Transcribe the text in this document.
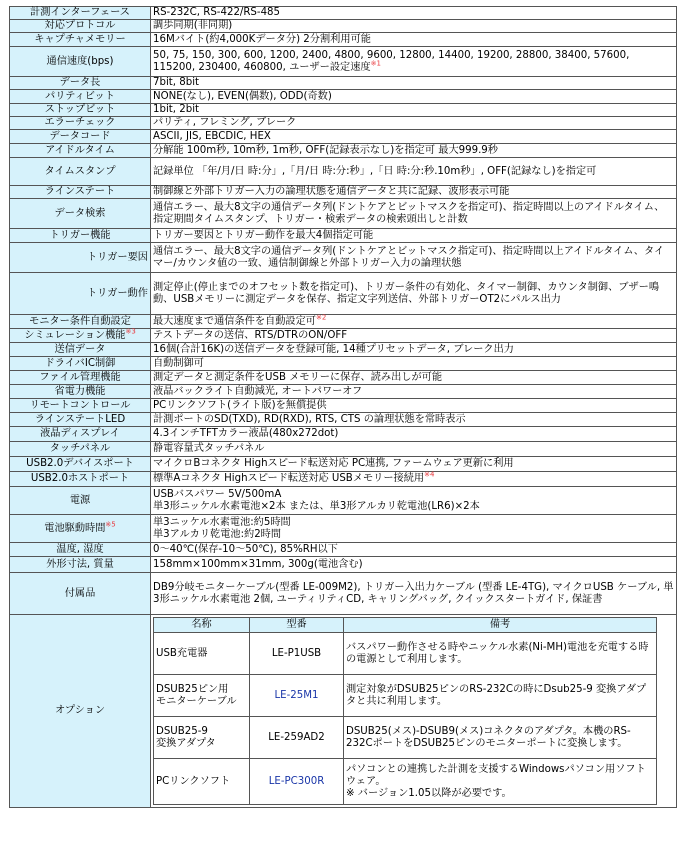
計測インターフェース	RS-232C, RS-422/RS-485
対応プロトコル	調歩同期(非同期)
キャプチャメモリー	16Mバイト(約4,000Kデータ分) 2分割利用可能
通信速度(bps)	50, 75, 150, 300, 600, 1200, 2400, 4800, 9600, 12800, 14400, 19200, 28800, 38400, 57600, 115200, 230400, 460800, ユーザー設定速度$^{※1}$
データ長	7bit, 8bit
パリティビット	NONE(なし), EVEN(偶数), ODD(奇数)
ストップビット	1bit, 2bit
エラーチェック	パリティ, フレミング, ブレーク
データコード	ASCII, JIS, EBCDIC, HEX
アイドルタイム	分解能 100m秒, 10m秒, 1m秒, OFF(記録表示なし)を指定可 最大999.9秒
タイムスタンプ	記録単位 「年/月/日 時:分」,「月/日 時:分:秒」,「日 時:分:秒.10m秒」, OFF(記録なし)を指定可
ラインステート	制御線と外部トリガー入力の論理状態を通信データと共に記録、波形表示可能
データ検索	通信エラー、最大8文字の通信データ列(ドントケアとビットマスクを指定可)、指定時間以上のアイドルタイム、指定期間タイムスタンプ、トリガー・検索データの検索頭出しと計数
トリガー機能	トリガー要因とトリガー動作を最大4個指定可能
トリガー要因	通信エラー、最大8文字の通信データ列(ドントケアとビットマスク指定可)、指定時間以上アイドルタイム、タイマー/カウンタ値の一致、通信制御線と外部トリガー入力の論理状態
トリガー動作	測定停止(停止までのオフセット数を指定可)、トリガー条件の有効化、タイマー制御、カウンタ制御、ブザー鳴動、USBメモリーに測定データを保存、指定文字列送信、外部トリガーOT2にパルス出力
モニター条件自動設定	最大速度まで通信条件を自動設定可$^{※2}$
シミュレーション機能$^{※3}$	テストデータの送信、RTS/DTRのON/OFF
送信データ	16個(合計16K)の送信データを登録可能, 14種プリセットデータ, ブレーク出力
ドライバIC制御	自動制御可
ファイル管理機能	測定データと測定条件をUSB メモリーに保存、読み出しが可能
省電力機能	液晶バックライト自動減光, オートパワーオフ
リモートコントロール	PCリンクソフト(ライト版)を無償提供
ラインステートLED	計測ポートのSD(TXD), RD(RXD), RTS, CTS の論理状態を常時表示
液晶ディスプレイ	4.3インチTFTカラー液晶(480x272dot)
タッチパネル	静電容量式タッチパネル
USB2.0デバイスポート	マイクロBコネクタ Highスピード転送対応 PC連携, ファームウェア更新に利用
USB2.0ホストポート	標準Aコネクタ Highスピード転送対応 USBメモリー接続用$^{※4}$
電源	USBバスパワー 5V/500mA
単3形ニッケル水素電池×2本 または、単3形アルカリ乾電池(LR6)×2本
電池駆動時間$^{※5}$	単3ニッケル水素電池:約5時間
単3アルカリ乾電池:約2時間
温度, 湿度	0～40℃(保存-10～50℃), 85%RH以下
外形寸法, 質量	158mm×100mm×31mm, 300g(電池含む)
付属品	DB9分岐モニターケーブル(型番 LE-009M2), トリガー入出力ケーブル (型番 LE-4TG), マイクロUSB ケーブル, 単3形ニッケル水素電池 2個, ユーティリティCD, キャリングバッグ, クイックスタートガイド, 保証書
オプション	
名称	型番	備考
USB充電器	LE-P1USB	バスパワー動作させる時やニッケル水素(Ni-MH)電池を充電する時の電源として利用します。
DSUB25ピン用
モニターケーブル	LE-25M1	測定対象がDSUB25ピンのRS-232Cの時にDsub25-9 変換アダプタと共に利用します。
DSUB25-9
変換アダプタ	LE-259AD2	DSUB25(メス)-DSUB9(メス)コネクタのアダプタ。本機のRS-232CポートをDSUB25ピンのモニターポートに変換します。
PCリンクソフト	LE-PC300R	パソコンとの連携した計測を支援するWindowsパソコン用ソフトウェア。
※ バージョン1.05以降が必要です。
